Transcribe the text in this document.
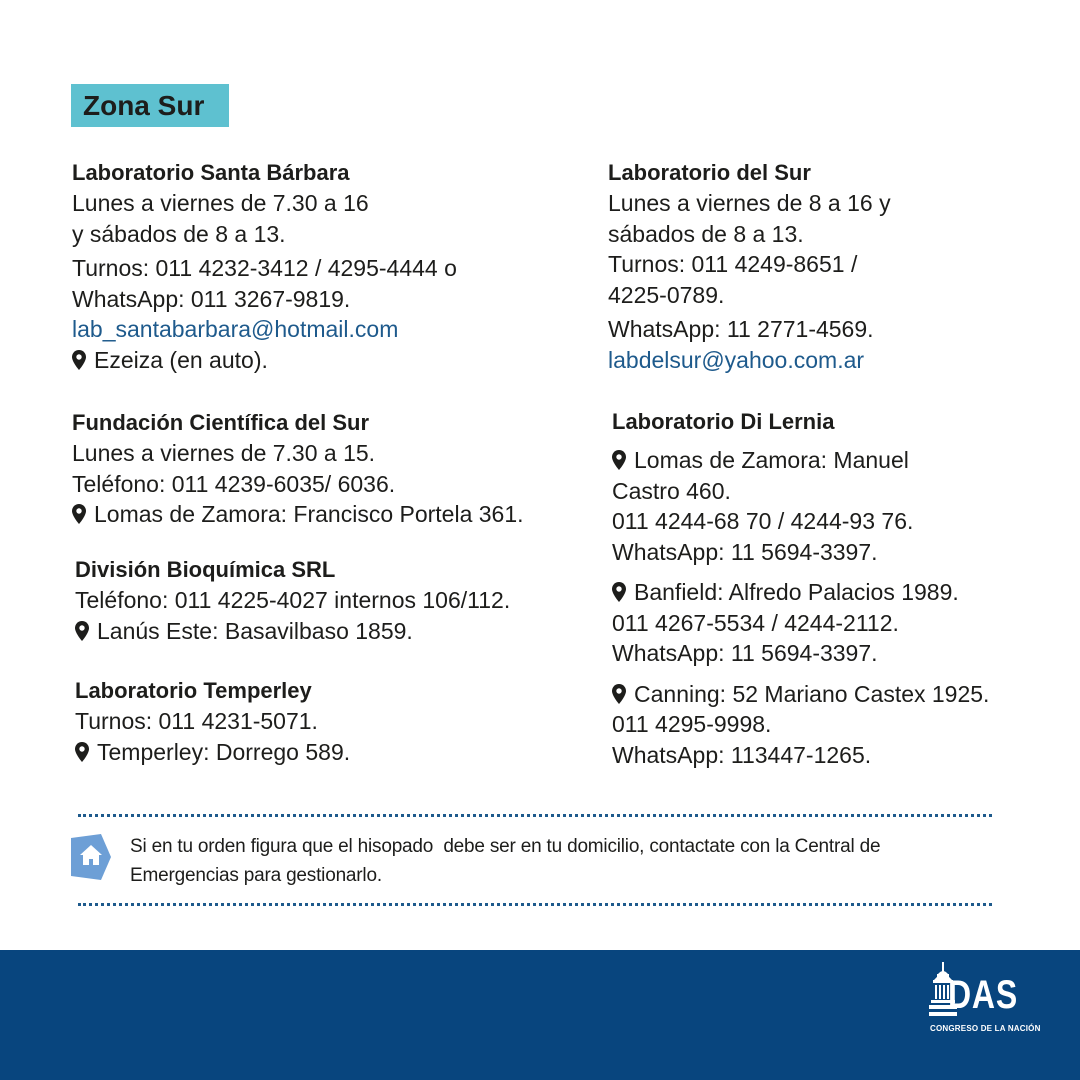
Zona Sur
Laboratorio Santa Bárbara
Lunes a viernes de 7.30 a 16
y sábados de 8 a 13.
Turnos: 011 4232-3412 / 4295-4444 o
WhatsApp: 011 3267-9819.
lab_santabarbara@hotmail.com
Ezeiza (en auto).
Fundación Científica del Sur
Lunes a viernes de 7.30 a 15.
Teléfono: 011 4239-6035/ 6036.
Lomas de Zamora: Francisco Portela 361.
División Bioquímica SRL
Teléfono: 011 4225-4027 internos 106/112.
Lanús Este: Basavilbaso 1859.
Laboratorio Temperley
Turnos: 011 4231-5071.
Temperley: Dorrego 589.
Laboratorio del Sur
Lunes a viernes de 8 a 16 y
sábados de 8 a 13.
Turnos: 011 4249-8651 /
4225-0789.
WhatsApp: 11 2771-4569.
labdelsur@yahoo.com.ar
Laboratorio Di Lernia
Lomas de Zamora: Manuel
Castro 460.
011 4244-68 70 / 4244-93 76.
WhatsApp: 11 5694-3397.
Banfield: Alfredo Palacios 1989.
011 4267-5534 / 4244-2112.
WhatsApp: 11 5694-3397.
Canning: 52 Mariano Castex 1925.
011 4295-9998.
WhatsApp: 113447-1265.
Si en tu orden figura que el hisopado  debe ser en tu domicilio, contactate con la Central de
Emergencias para gestionarlo.
DAS
CONGRESO DE LA NACIÓN
